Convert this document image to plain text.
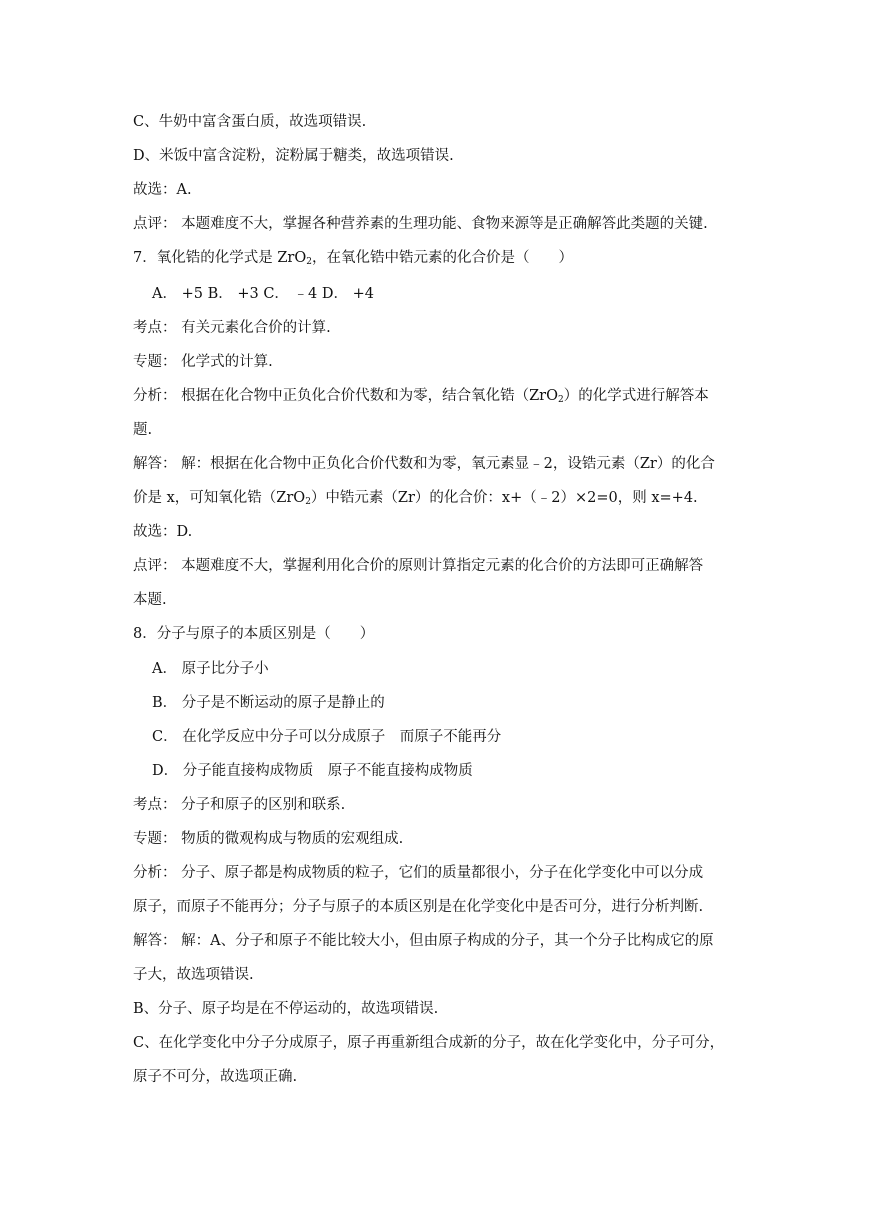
C、牛奶中富含蛋白质，故选项错误.
D、米饭中富含淀粉，淀粉属于糖类，故选项错误.
故选：A.
点评： 本题难度不大，掌握各种营养素的生理功能、食物来源等是正确解答此类题的关键.
7．氧化锆的化学式是 ZrO$_2$，在氧化锆中锆元素的化合价是（　　）
A． +5 B． +3 C． ﹣4 D． +4
考点： 有关元素化合价的计算.
专题： 化学式的计算.
分析： 根据在化合物中正负化合价代数和为零，结合氧化锆（ZrO$_2$）的化学式进行解答本
题.
解答： 解：根据在化合物中正负化合价代数和为零，氧元素显﹣2，设锆元素（Zr）的化合
价是 x，可知氧化锆（ZrO$_2$）中锆元素（Zr）的化合价：x+（﹣2）×2=0，则 x=+4.
故选：D.
点评： 本题难度不大，掌握利用化合价的原则计算指定元素的化合价的方法即可正确解答
本题.
8．分子与原子的本质区别是（　　）
A． 原子比分子小
B． 分子是不断运动的原子是静止的
C． 在化学反应中分子可以分成原子　而原子不能再分
D． 分子能直接构成物质　原子不能直接构成物质
考点： 分子和原子的区别和联系.
专题： 物质的微观构成与物质的宏观组成.
分析： 分子、原子都是构成物质的粒子，它们的质量都很小，分子在化学变化中可以分成
原子，而原子不能再分；分子与原子的本质区别是在化学变化中是否可分，进行分析判断.
解答： 解：A、分子和原子不能比较大小，但由原子构成的分子，其一个分子比构成它的原
子大，故选项错误.
B、分子、原子均是在不停运动的，故选项错误.
C、在化学变化中分子分成原子，原子再重新组合成新的分子，故在化学变化中，分子可分，
原子不可分，故选项正确.
